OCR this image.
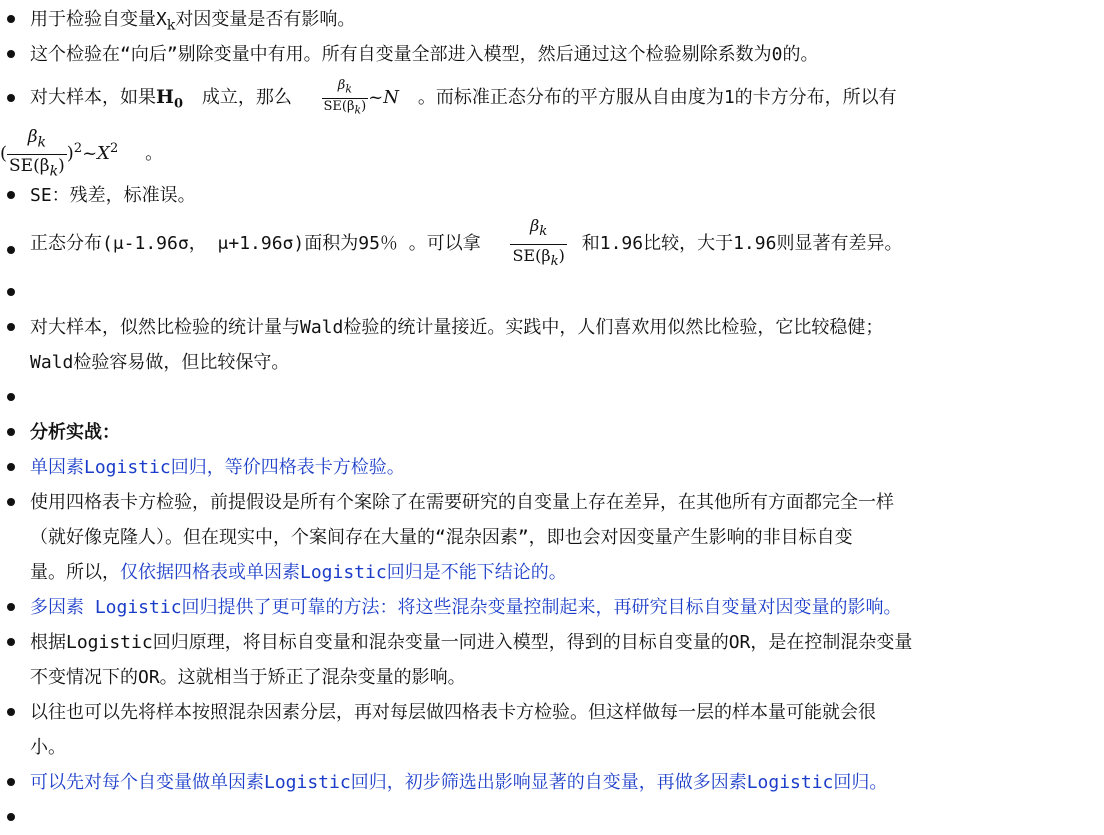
用于检验自变量$X_k$对因变量是否有影响。
这个检验在“向后”剔除变量中有用。所有自变量全部进入模型，然后通过这个检验剔除系数为0的。
对大样本，如果$H_0$ 成立，那么 $\frac{\beta_k}{SE(\beta_k)}$ ~N 。而标准正态分布的平方服从自由度为1的卡方分布，所以有
( $\frac{\beta_k}{SE(\beta_k)}$ )$^2\sim X^2$ 。
SE：残差，标准误。
正态分布(μ-1.96σ， μ+1.96σ)面积为95％ 。可以拿 $\frac{\beta_k}{SE(\beta_k)}$ 和1.96比较，大于1.96则显著有差异。
对大样本，似然比检验的统计量与Wald检验的统计量接近。实践中，人们喜欢用似然比检验，它比较稳健；
Wald检验容易做，但比较保守。
分析实战：
单因素Logistic回归，等价四格表卡方检验。
使用四格表卡方检验，前提假设是所有个案除了在需要研究的自变量上存在差异，在其他所有方面都完全一样
（就好像克隆人）。但在现实中，个案间存在大量的“混杂因素”，即也会对因变量产生影响的非目标自变
量。所以，仅依据四格表或单因素Logistic回归是不能下结论的。
多因素 Logistic回归提供了更可靠的方法：将这些混杂变量控制起来，再研究目标自变量对因变量的影响。
根据Logistic回归原理，将目标自变量和混杂变量一同进入模型，得到的目标自变量的OR，是在控制混杂变量
不变情况下的OR。这就相当于矫正了混杂变量的影响。
以往也可以先将样本按照混杂因素分层，再对每层做四格表卡方检验。但这样做每一层的样本量可能就会很
小。
可以先对每个自变量做单因素Logistic回归，初步筛选出影响显著的自变量，再做多因素Logistic回归。
